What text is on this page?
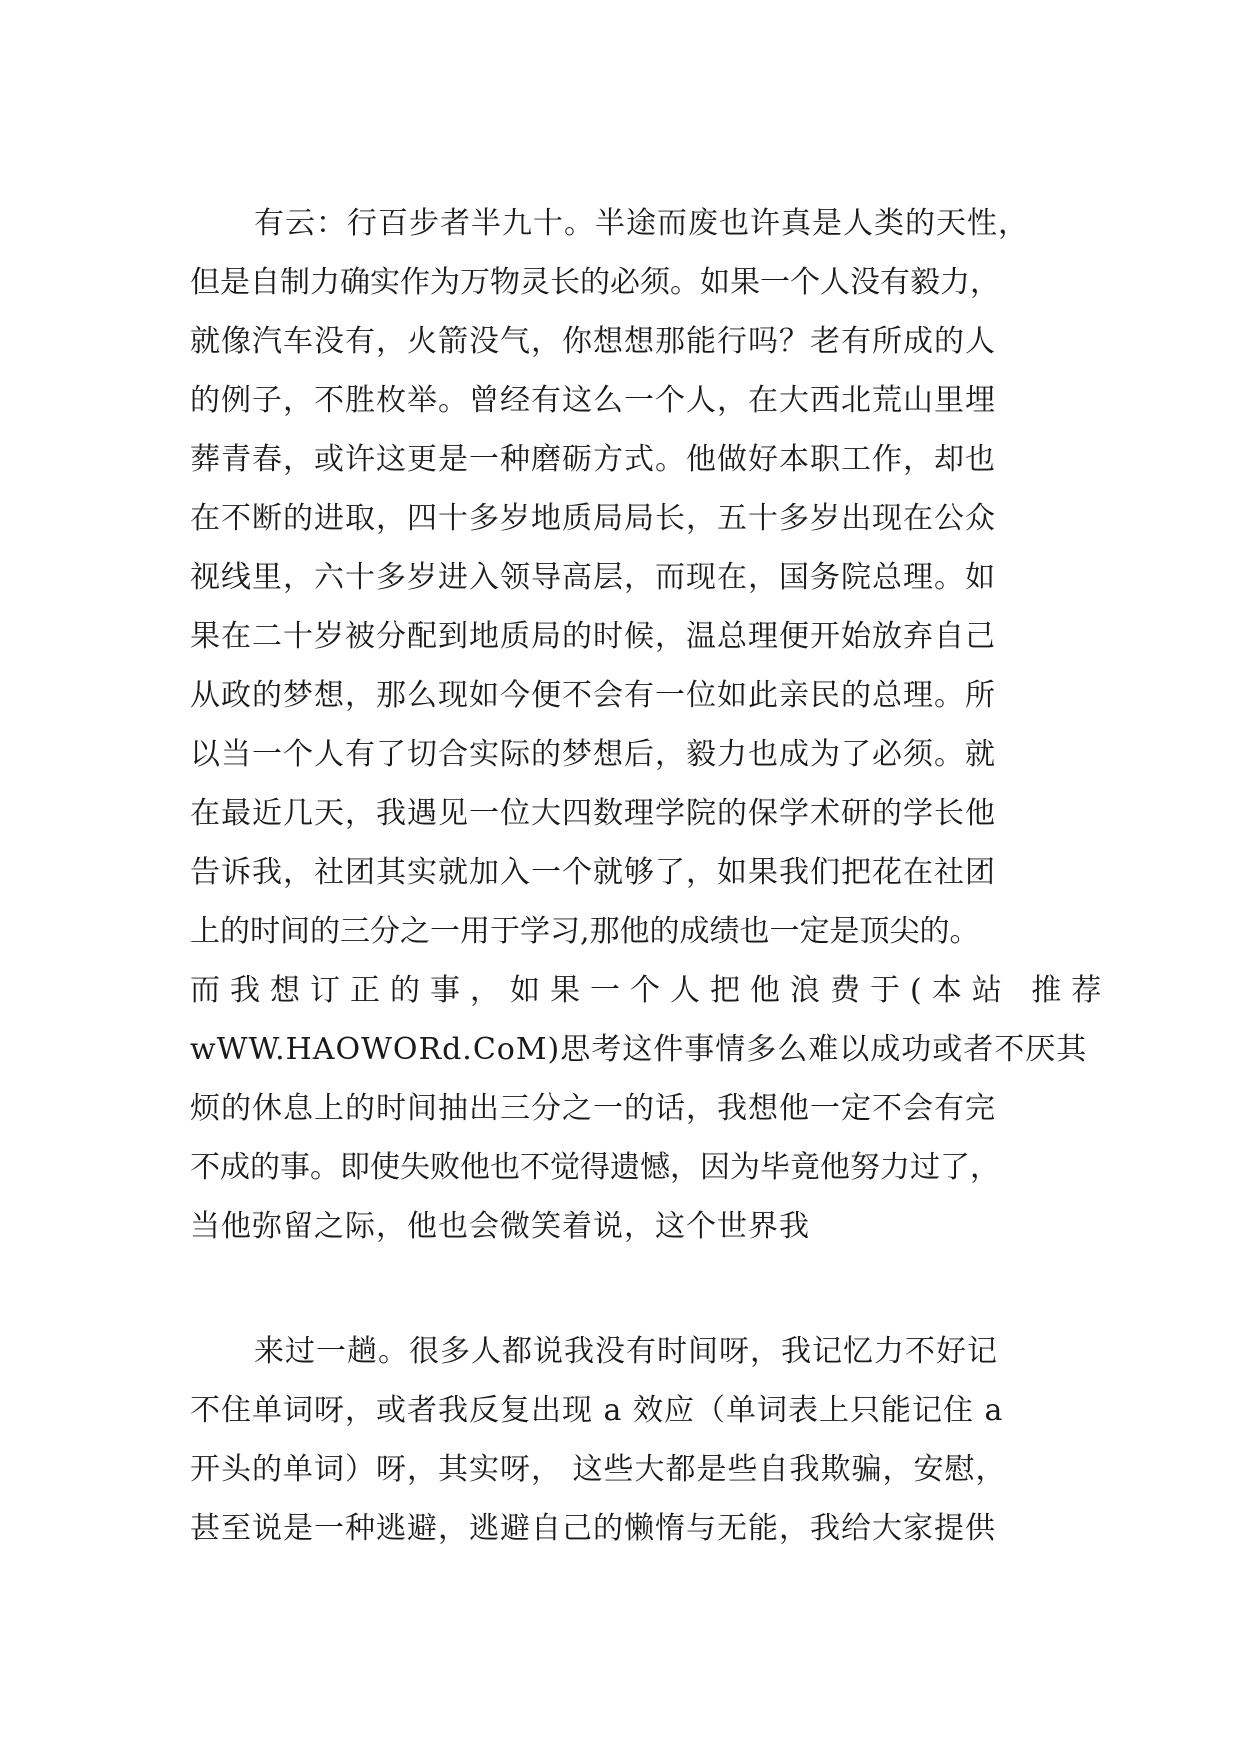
有云：行百步者半九十。半途而废也许真是人类的天性，
但是自制力确实作为万物灵长的必须。如果一个人没有毅力，
就像汽车没有，火箭没气，你想想那能行吗？老有所成的人
的例子，不胜枚举。曾经有这么一个人，在大西北荒山里埋
葬青春，或许这更是一种磨砺方式。他做好本职工作，却也
在不断的进取，四十多岁地质局局长，五十多岁出现在公众
视线里，六十多岁进入领导高层，而现在，国务院总理。如
果在二十岁被分配到地质局的时候，温总理便开始放弃自己
从政的梦想，那么现如今便不会有一位如此亲民的总理。所
以当一个人有了切合实际的梦想后，毅力也成为了必须。就
在最近几天，我遇见一位大四数理学院的保学术研的学长他
告诉我，社团其实就加入一个就够了，如果我们把花在社团
上的时间的三分之一用于学习,那他的成绩也一定是顶尖的。
而我想订正的事，如果一个人把他浪费于(本站 推荐
wWW.HAOWORd.CoM)思考这件事情多么难以成功或者不厌其
烦的休息上的时间抽出三分之一的话，我想他一定不会有完
不成的事。即使失败他也不觉得遗憾，因为毕竟他努力过了，
当他弥留之际，他也会微笑着说，这个世界我
来过一趟。很多人都说我没有时间呀，我记忆力不好记
不住单词呀，或者我反复出现 a 效应（单词表上只能记住 a
开头的单词）呀，其实呀， 这些大都是些自我欺骗，安慰，
甚至说是一种逃避，逃避自己的懒惰与无能，我给大家提供
